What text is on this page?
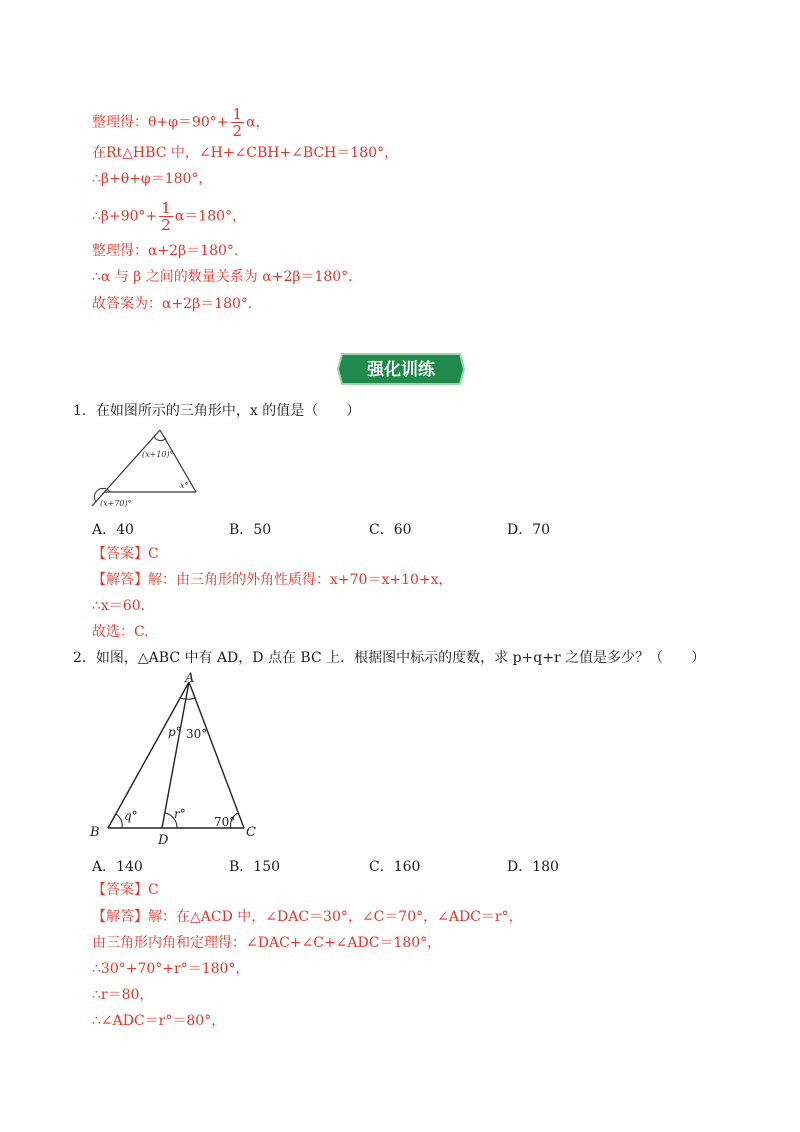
整理得：$\theta+\varphi=90^\circ+ \frac{1}{2}$ α，
在Rt△HBC 中，∠H+∠CBH+∠BCH＝180°，
∴β+θ+φ＝180°，
∴β+90°+ $\frac{1}{2} \alpha=180^\circ$，
整理得：α+2β＝180°.
∴α 与 β 之间的数量关系为 α+2β＝180°.
故答案为：α+2β＝180°.
强化训练
1．在如图所示的三角形中，x 的值是（　　）
(x+10)°
x°
(x+70)°
A．40	B．50	C．60	D．70
【答案】C
【解答】解：由三角形的外角性质得：x+70＝x+10+x，
∴x＝60.
故选：C.
2．如图，△ABC 中有 AD，D 点在 BC 上．根据图中标示的度数，求 p+q+r 之值是多少？（　　）
A
B	C
D
p° 30°
q°	r°
70°
A．140	B．150	C．160	D．180
【答案】C
【解答】解：在△ACD 中，∠DAC＝30°，∠C＝70°，∠ADC＝r°，
由三角形内角和定理得：∠DAC+∠C+∠ADC＝180°，
∴30°+70°+r°＝180°，
∴r＝80，
∴∠ADC＝r°＝80°，
